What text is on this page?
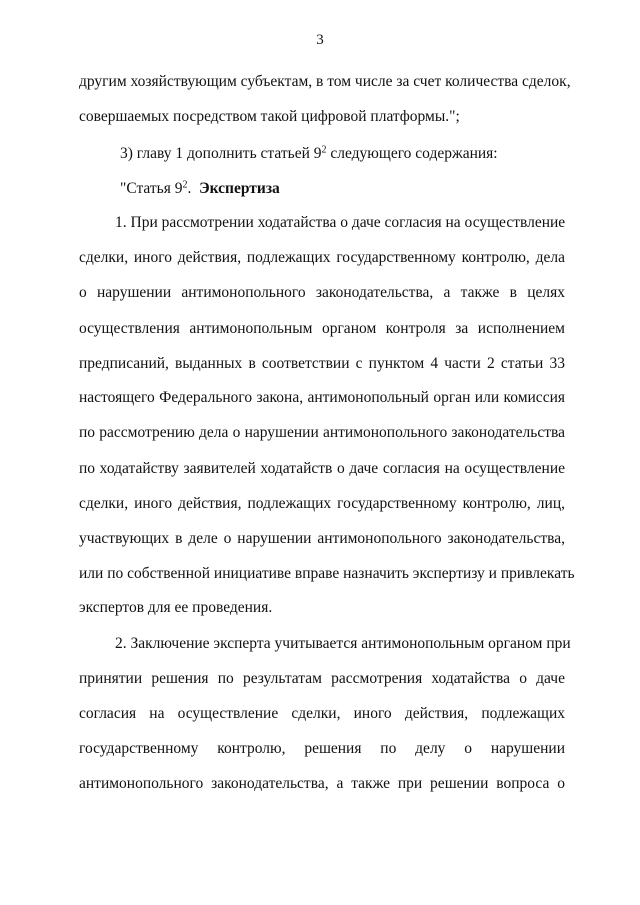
3
другим хозяйствующим субъектам, в том числе за счет количества сделок,
совершаемых посредством такой цифровой платформы.";
3) главу 1 дополнить статьей $9^2$ следующего содержания:
"Статья $9^2$. Экспертиза
1. При рассмотрении ходатайства о даче согласия на осуществление
сделки, иного действия, подлежащих государственному контролю, дела
о нарушении антимонопольного законодательства, а также в целях
осуществления антимонопольным органом контроля за исполнением
предписаний, выданных в соответствии с пунктом 4 части 2 статьи 33
настоящего Федерального закона, антимонопольный орган или комиссия
по рассмотрению дела о нарушении антимонопольного законодательства
по ходатайству заявителей ходатайств о даче согласия на осуществление
сделки, иного действия, подлежащих государственному контролю, лиц,
участвующих в деле о нарушении антимонопольного законодательства,
или по собственной инициативе вправе назначить экспертизу и привлекать
экспертов для ее проведения.
2. Заключение эксперта учитывается антимонопольным органом при
принятии решения по результатам рассмотрения ходатайства о даче
согласия на осуществление сделки, иного действия, подлежащих
государственному контролю, решения по делу о нарушении
антимонопольного законодательства, а также при решении вопроса о
